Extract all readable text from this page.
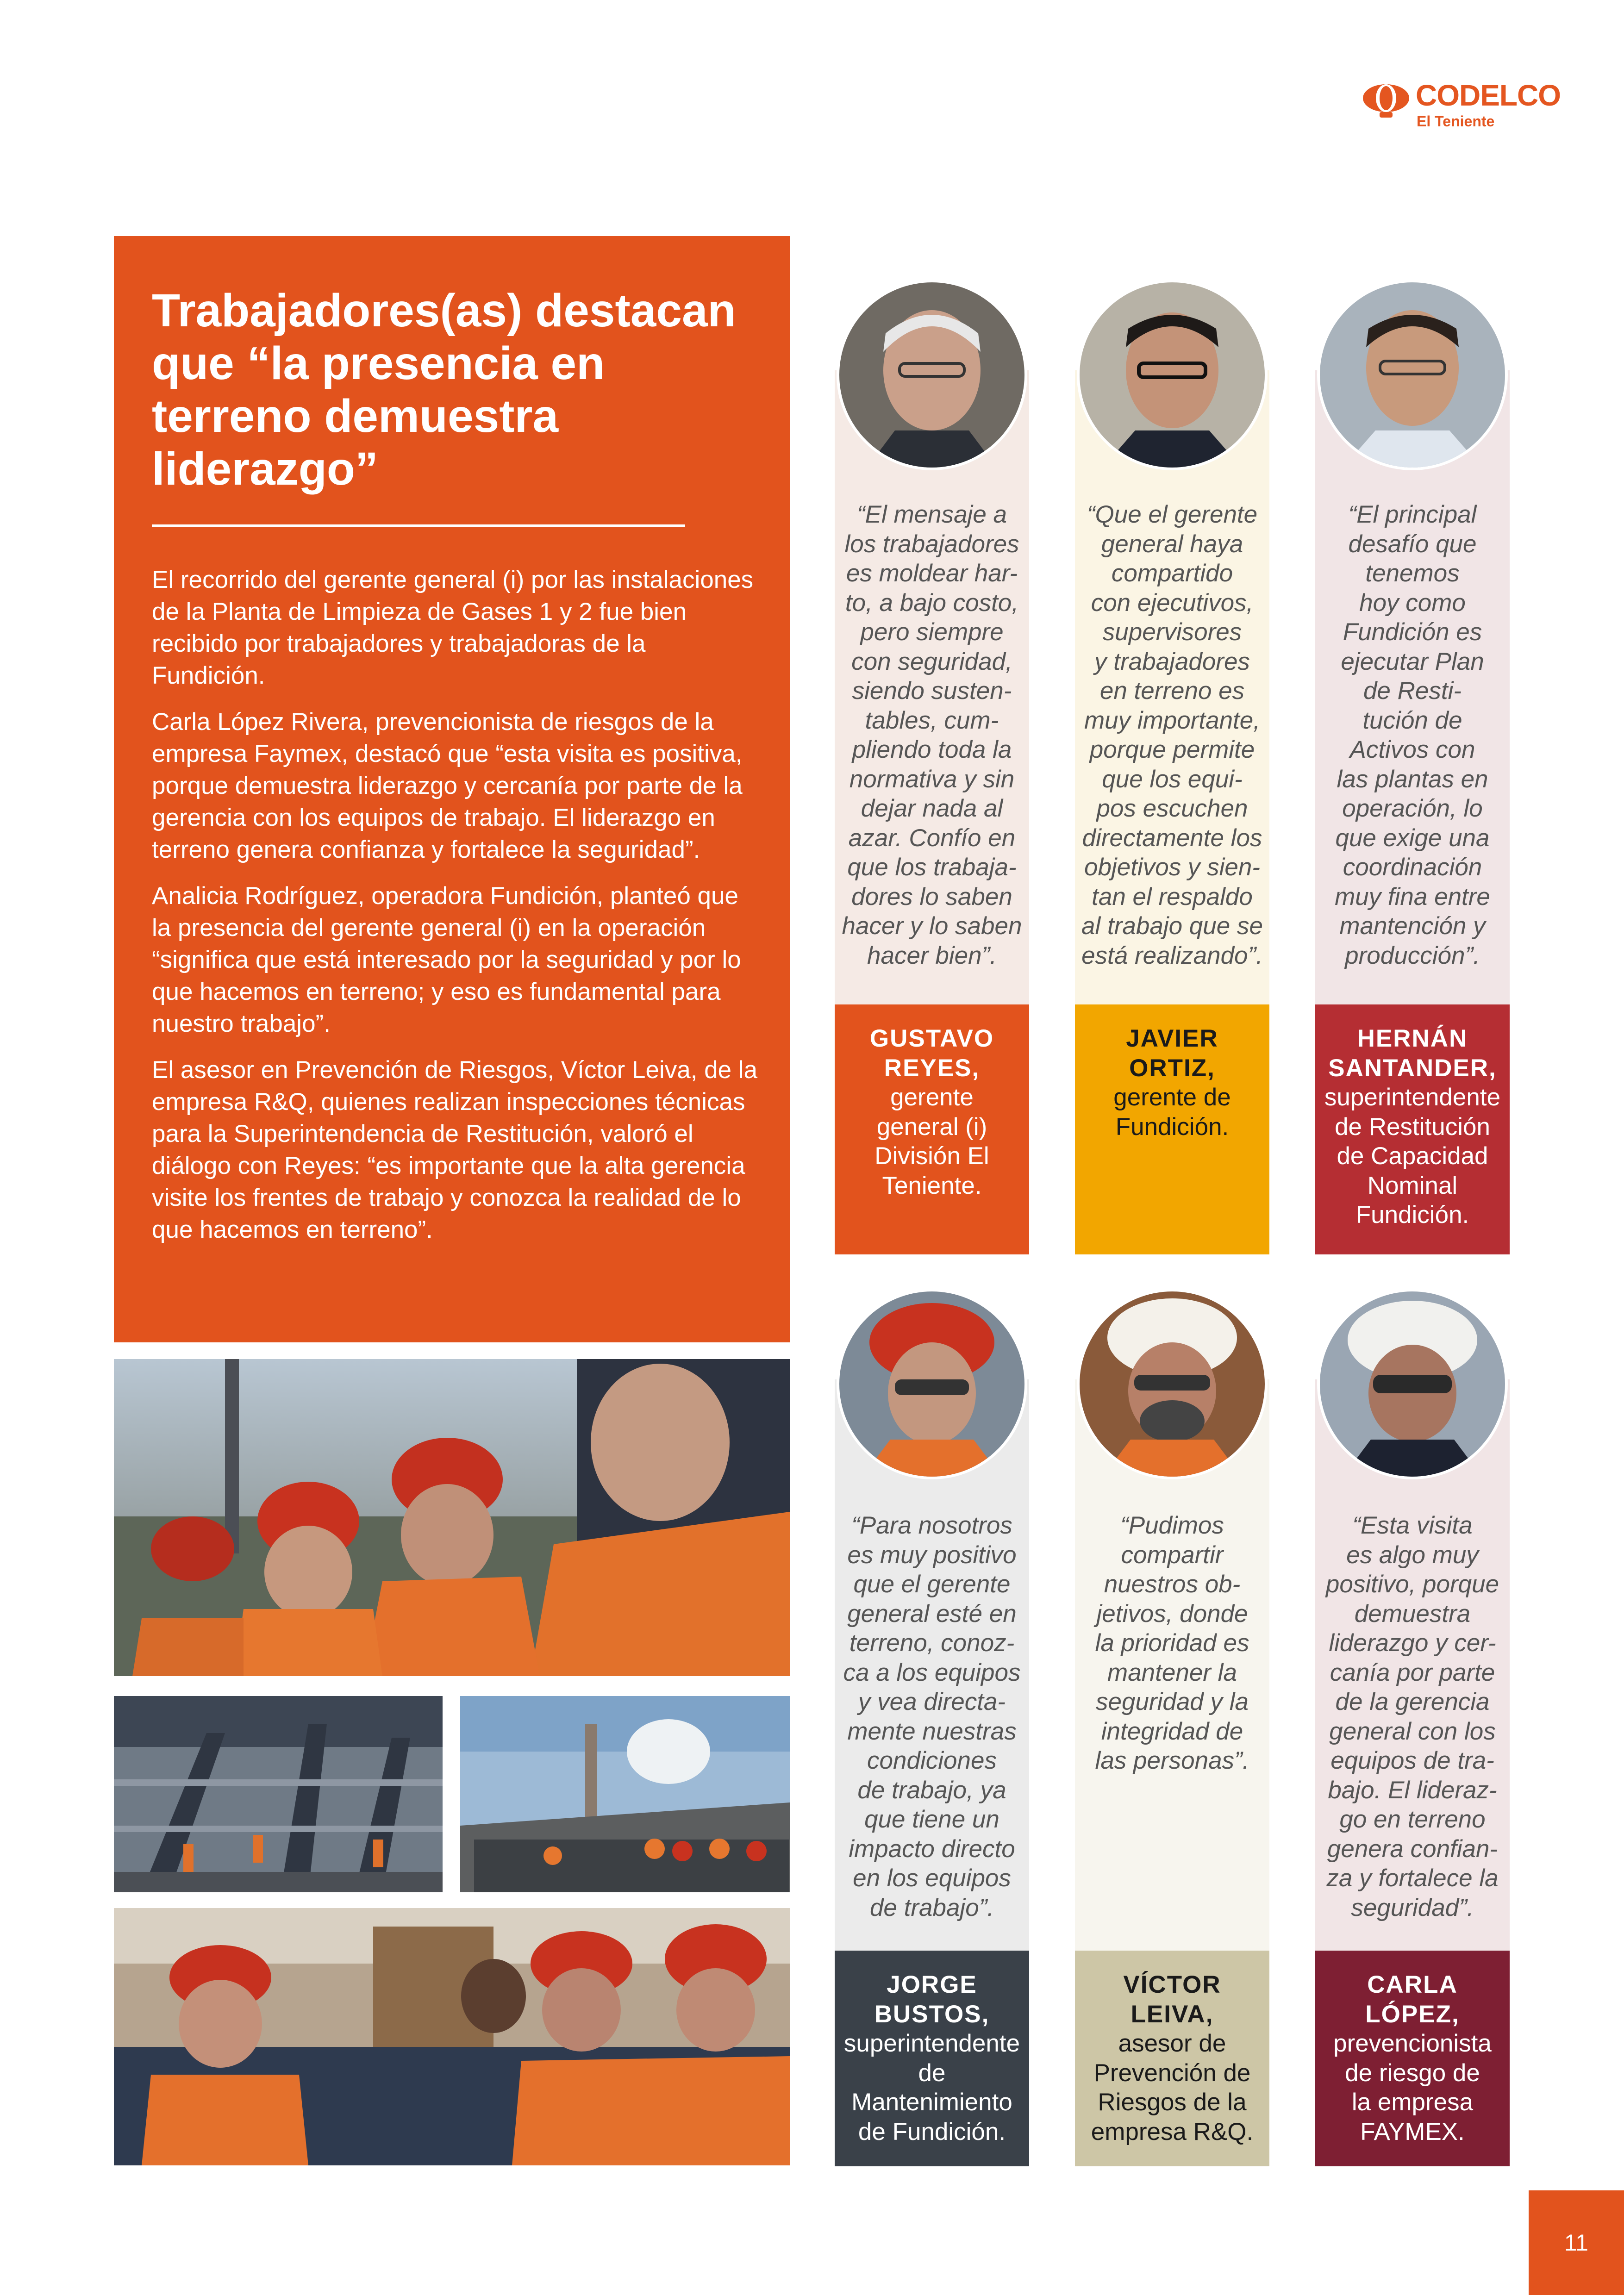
CODELCO
El Teniente
Trabajadores(as) destacan que “la presencia en terreno demuestra liderazgo”

El recorrido del gerente general (i) por las instalaciones de la Planta de Limpieza de Gases 1 y 2 fue bien recibido por trabajadores y trabajadoras de la Fundición.

Carla López Rivera, prevencionista de riesgos de la empresa Faymex, destacó que “esta visita es positiva, porque demuestra liderazgo y cercanía por parte de la gerencia con los equipos de trabajo. El liderazgo en terreno genera confianza y fortalece la seguridad”.

Analicia Rodríguez, operadora Fundición, planteó que la presencia del gerente general (i) en la operación “significa que está interesado por la seguridad y por lo que hacemos en terreno; y eso es fundamental para nuestro trabajo”.

El asesor en Prevención de Riesgos, Víctor Leiva, de la empresa R&Q, quienes realizan inspecciones técnicas para la Superintendencia de Restitución, valoró el diálogo con Reyes: “es importante que la alta gerencia visite los frentes de trabajo y conozca la realidad de lo que hacemos en terreno”.

“El mensaje a
los trabajadores
es moldear har-
to, a bajo costo,
pero siempre
con seguridad,
siendo susten-
tables, cum-
pliendo toda la
normativa y sin
dejar nada al
azar. Confío en
que los trabaja-
dores lo saben
hacer y lo saben
hacer bien”.
GUSTAVO
REYES,
gerente
general (i)
División El
Teniente.
“Que el gerente
general haya
compartido
con ejecutivos,
supervisores
y trabajadores
en terreno es
muy importante,
porque permite
que los equi-
pos escuchen
directamente los
objetivos y sien-
tan el respaldo
al trabajo que se
está realizando”.
JAVIER
ORTIZ,
gerente de
Fundición.
“El principal
desafío que
tenemos
hoy como
Fundición es
ejecutar Plan
de Resti-
tución de
Activos con
las plantas en
operación, lo
que exige una
coordinación
muy fina entre
mantención y
producción”.
HERNÁN
SANTANDER,
superintendente
de Restitución
de Capacidad
Nominal
Fundición.
“Para nosotros
es muy positivo
que el gerente
general esté en
terreno, conoz-
ca a los equipos
y vea directa-
mente nuestras
condiciones
de trabajo, ya
que tiene un
impacto directo
en los equipos
de trabajo”.
JORGE
BUSTOS,
superintendente
de
Mantenimiento
de Fundición.
“Pudimos
compartir
nuestros ob-
jetivos, donde
la prioridad es
mantener la
seguridad y la
integridad de
las personas”.
VÍCTOR
LEIVA,
asesor de
Prevención de
Riesgos de la
empresa R&Q.
“Esta visita
es algo muy
positivo, porque
demuestra
liderazgo y cer-
canía por parte
de la gerencia
general con los
equipos de tra-
bajo. El lideraz-
go en terreno
genera confian-
za y fortalece la
seguridad”.
CARLA
LÓPEZ,
prevencionista
de riesgo de
la empresa
FAYMEX.
11
